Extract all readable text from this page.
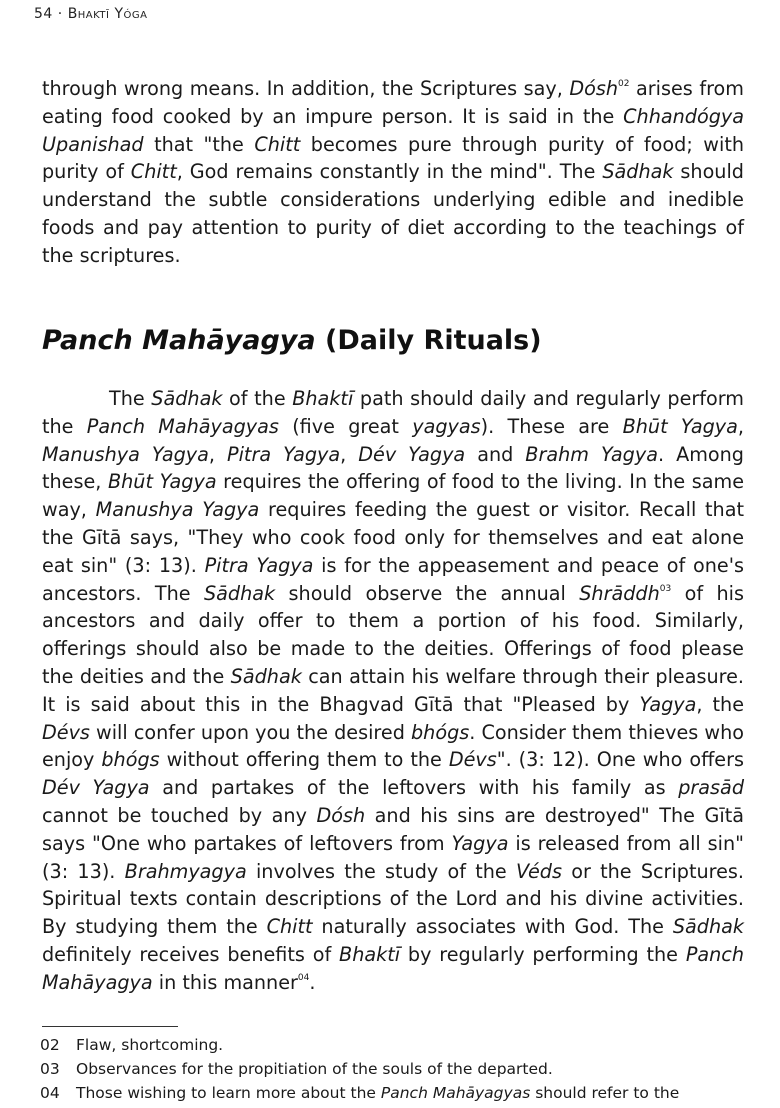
54 · Bhaktī Yóga

through wrong means. In addition, the Scriptures say, Dósh$^{02}$ arises from eating food cooked by an impure person. It is said in the Chhandógya Upanishad that "the Chitt becomes pure through purity of food; with purity of Chitt, God remains constantly in the mind". The Sādhak should understand the subtle considerations underlying edible and inedible foods and pay attention to purity of diet according to the teachings of the scriptures.

Panch Mahāyagya (Daily Rituals)

The Sādhak of the Bhaktī path should daily and regularly perform the Panch Mahāyagyas (five great yagyas). These are Bhūt Yagya, Manushya Yagya, Pitra Yagya, Dév Yagya and Brahm Yagya. Among these, Bhūt Yagya requires the offering of food to the living. In the same way, Manushya Yagya requires feeding the guest or visitor. Recall that the Gītā says, "They who cook food only for themselves and eat alone eat sin" (3: 13). Pitra Yagya is for the appeasement and peace of one's ancestors. The Sādhak should observe the annual Shrāddh$^{03}$ of his ancestors and daily offer to them a portion of his food. Similarly, offerings should also be made to the deities. Offerings of food please the deities and the Sādhak can attain his welfare through their pleasure. It is said about this in the Bhagvad Gītā that "Pleased by Yagya, the Dévs will confer upon you the desired bhógs. Consider them thieves who enjoy bhógs without offering them to the Dévs". (3: 12). One who offers Dév Yagya and partakes of the leftovers with his family as prasād cannot be touched by any Dósh and his sins are destroyed" The Gītā says "One who partakes of leftovers from Yagya is released from all sin" (3: 13). Brahmyagya involves the study of the Véds or the Scriptures. Spiritual texts contain descriptions of the Lord and his divine activities. By studying them the Chitt naturally associates with God. The Sādhak definitely receives benefits of Bhaktī by regularly performing the Panch Mahāyagya in this manner$^{04}$.

02 Flaw, shortcoming.
03 Observances for the propitiation of the souls of the departed.
04 Those wishing to learn more about the Panch Mahāyagyas should refer to the
